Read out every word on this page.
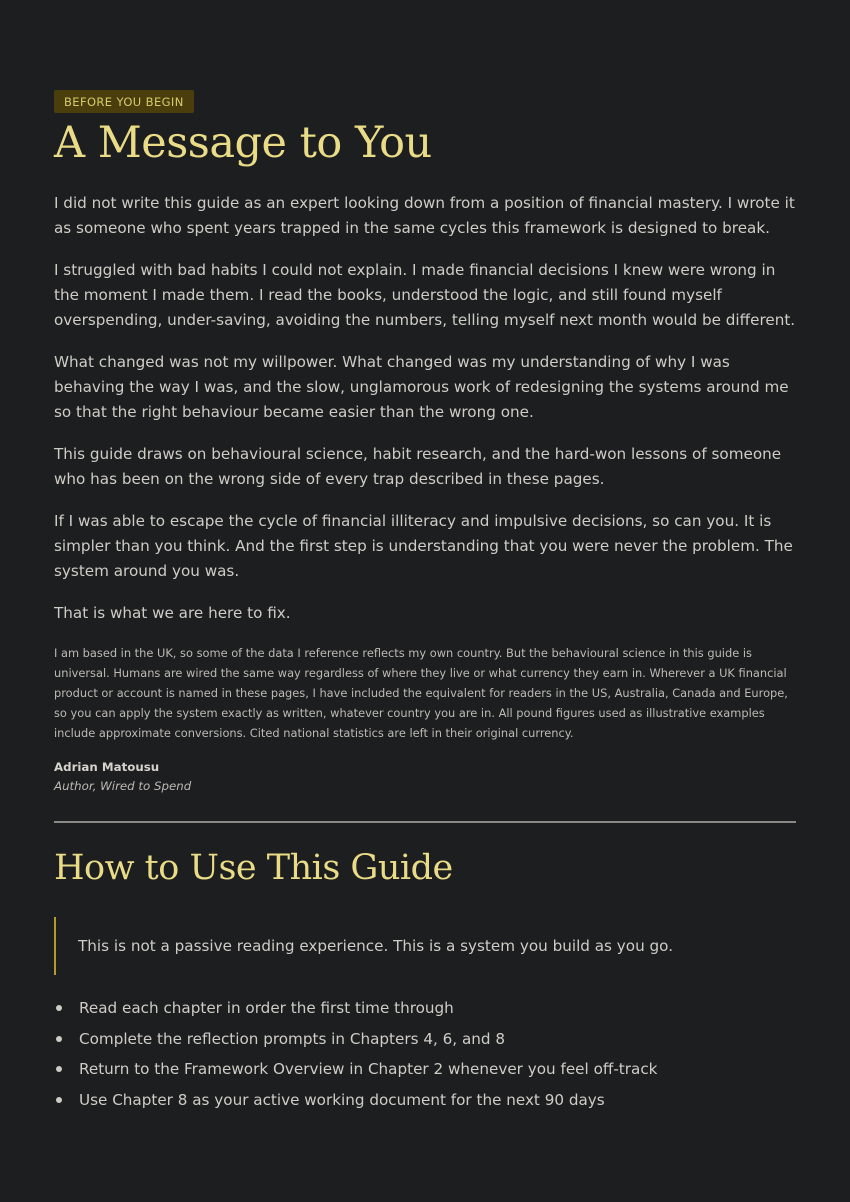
BEFORE YOU BEGIN
A Message to You

I did not write this guide as an expert looking down from a position of financial mastery. I wrote it as someone who spent years trapped in the same cycles this framework is designed to break.

I struggled with bad habits I could not explain. I made financial decisions I knew were wrong in the moment I made them. I read the books, understood the logic, and still found myself overspending, under-saving, avoiding the numbers, telling myself next month would be different.

What changed was not my willpower. What changed was my understanding of why I was behaving the way I was, and the slow, unglamorous work of redesigning the systems around me so that the right behaviour became easier than the wrong one.

This guide draws on behavioural science, habit research, and the hard-won lessons of someone who has been on the wrong side of every trap described in these pages.

If I was able to escape the cycle of financial illiteracy and impulsive decisions, so can you. It is simpler than you think. And the first step is understanding that you were never the problem. The system around you was.

That is what we are here to fix.

I am based in the UK, so some of the data I reference reflects my own country. But the behavioural science in this guide is universal. Humans are wired the same way regardless of where they live or what currency they earn in. Wherever a UK financial product or account is named in these pages, I have included the equivalent for readers in the US, Australia, Canada and Europe, so you can apply the system exactly as written, whatever country you are in. All pound figures used as illustrative examples include approximate conversions. Cited national statistics are left in their original currency.

Adrian Matousu
Author, Wired to Spend
How to Use This Guide
This is not a passive reading experience. This is a system you build as you go.
Read each chapter in order the first time through
Complete the reflection prompts in Chapters 4, 6, and 8
Return to the Framework Overview in Chapter 2 whenever you feel off-track
Use Chapter 8 as your active working document for the next 90 days
